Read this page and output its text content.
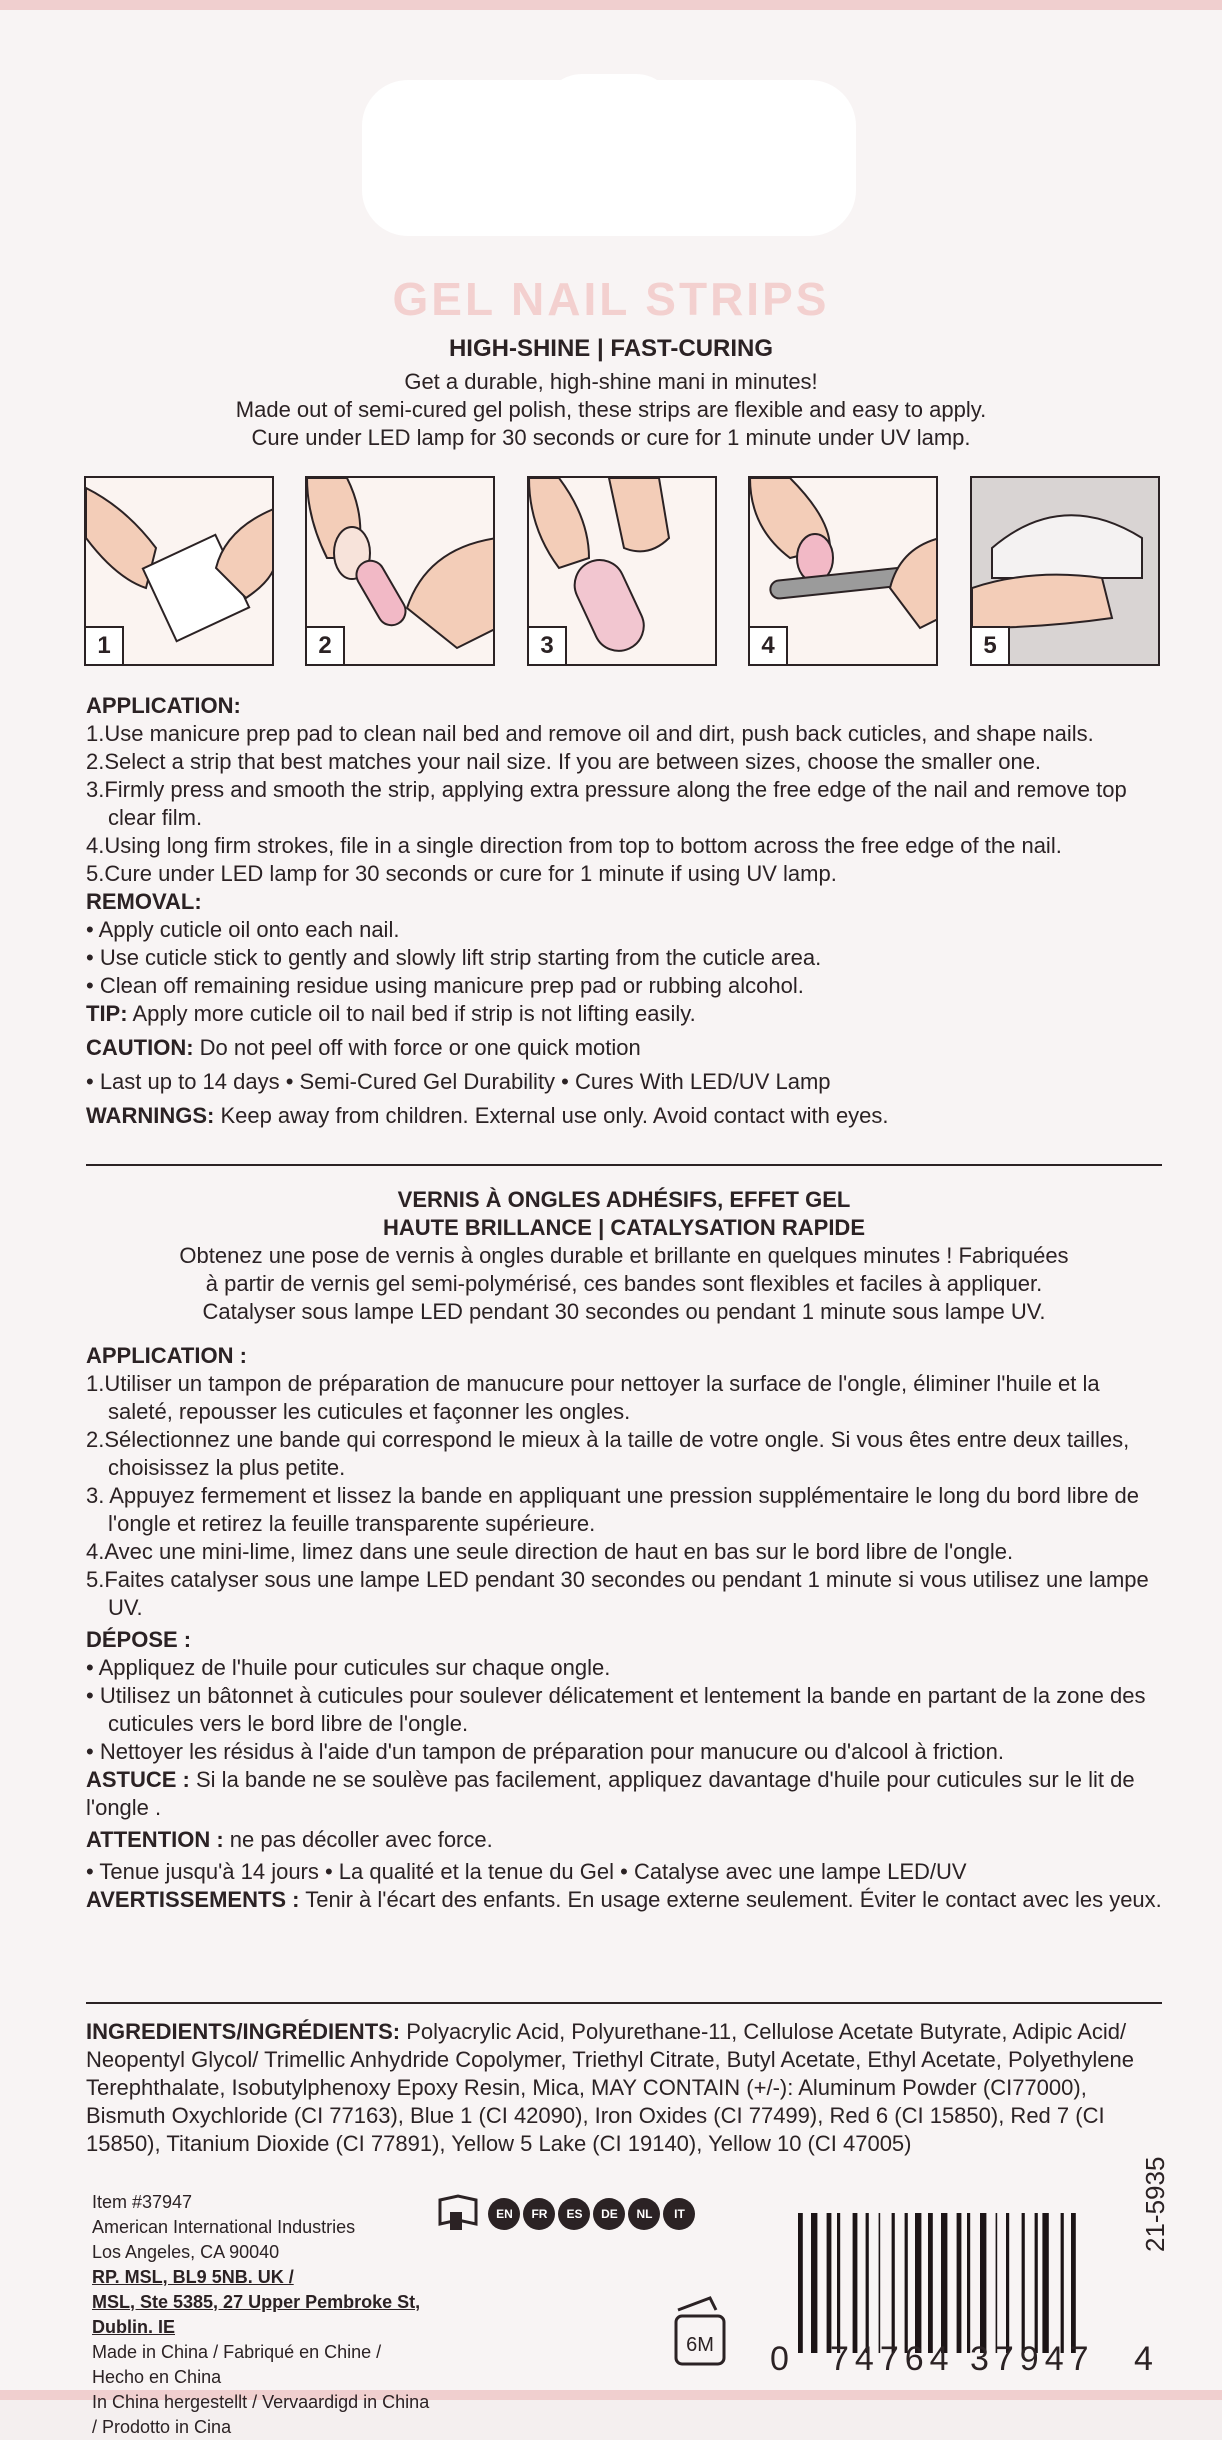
GEL NAIL STRIPS
HIGH-SHINE | FAST-CURING
Get a durable, high-shine mani in minutes!
Made out of semi-cured gel polish, these strips are flexible and easy to apply.
Cure under LED lamp for 30 seconds or cure for 1 minute under UV lamp.
1	2	3	4	5

APPLICATION:

1.Use manicure prep pad to clean nail bed and remove oil and dirt, push back cuticles, and shape nails.

2.Select a strip that best matches your nail size. If you are between sizes, choose the smaller one.

3.Firmly press and smooth the strip, applying extra pressure along the free edge of the nail and remove top clear film.

4.Using long firm strokes, file in a single direction from top to bottom across the free edge of the nail.

5.Cure under LED lamp for 30 seconds or cure for 1 minute if using UV lamp.

REMOVAL:

• Apply cuticle oil onto each nail.

• Use cuticle stick to gently and slowly lift strip starting from the cuticle area.

• Clean off remaining residue using manicure prep pad or rubbing alcohol.

TIP: Apply more cuticle oil to nail bed if strip is not lifting easily.

CAUTION: Do not peel off with force or one quick motion

• Last up to 14 days • Semi-Cured Gel Durability • Cures With LED/UV Lamp

WARNINGS: Keep away from children. External use only. Avoid contact with eyes.

VERNIS À ONGLES ADHÉSIFS, EFFET GEL

HAUTE BRILLANCE | CATALYSATION RAPIDE

Obtenez une pose de vernis à ongles durable et brillante en quelques minutes ! Fabriquées

à partir de vernis gel semi-polymérisé, ces bandes sont flexibles et faciles à appliquer.

Catalyser sous lampe LED pendant 30 secondes ou pendant 1 minute sous lampe UV.

APPLICATION :

1.Utiliser un tampon de préparation de manucure pour nettoyer la surface de l'ongle, éliminer l'huile et la saleté, repousser les cuticules et façonner les ongles.

2.Sélectionnez une bande qui correspond le mieux à la taille de votre ongle. Si vous êtes entre deux tailles, choisissez la plus petite.

3. Appuyez fermement et lissez la bande en appliquant une pression supplémentaire le long du bord libre de l'ongle et retirez la feuille transparente supérieure.

4.Avec une mini-lime, limez dans une seule direction de haut en bas sur le bord libre de l'ongle.

5.Faites catalyser sous une lampe LED pendant 30 secondes ou pendant 1 minute si vous utilisez une lampe UV.

DÉPOSE :

• Appliquez de l'huile pour cuticules sur chaque ongle.

• Utilisez un bâtonnet à cuticules pour soulever délicatement et lentement la bande en partant de la zone des cuticules vers le bord libre de l'ongle.

• Nettoyer les résidus à l'aide d'un tampon de préparation pour manucure ou d'alcool à friction.

ASTUCE : Si la bande ne se soulève pas facilement, appliquez davantage d'huile pour cuticules sur le lit de l'ongle .

ATTENTION : ne pas décoller avec force.

• Tenue jusqu'à 14 jours • La qualité et la tenue du Gel • Catalyse avec une lampe LED/UV

AVERTISSEMENTS : Tenir à l'écart des enfants. En usage externe seulement. Éviter le contact avec les yeux.

INGREDIENTS/INGRÉDIENTS: Polyacrylic Acid, Polyurethane-11, Cellulose Acetate Butyrate, Adipic Acid/ Neopentyl Glycol/ Trimellic Anhydride Copolymer, Triethyl Citrate, Butyl Acetate, Ethyl Acetate, Polyethylene Terephthalate, Isobutylphenoxy Epoxy Resin, Mica, MAY CONTAIN (+/-): Aluminum Powder (CI77000), Bismuth Oxychloride (CI 77163), Blue 1 (CI 42090), Iron Oxides (CI 77499), Red 6 (CI 15850), Red 7 (CI 15850), Titanium Dioxide (CI 77891), Yellow 5 Lake (CI 19140), Yellow 10 (CI 47005)

Item #37947
American International Industries
Los Angeles, CA 90040
RP. MSL, BL9 5NB. UK /
MSL, Ste 5385, 27 Upper Pembroke St, Dublin. IE
Made in China / Fabriqué en Chine / Hecho en China
In China hergestellt / Vervaardigd in China / Prodotto in Cina
EN FR ES DE NL IT
6M 0 74764 37947 4
21-5935
